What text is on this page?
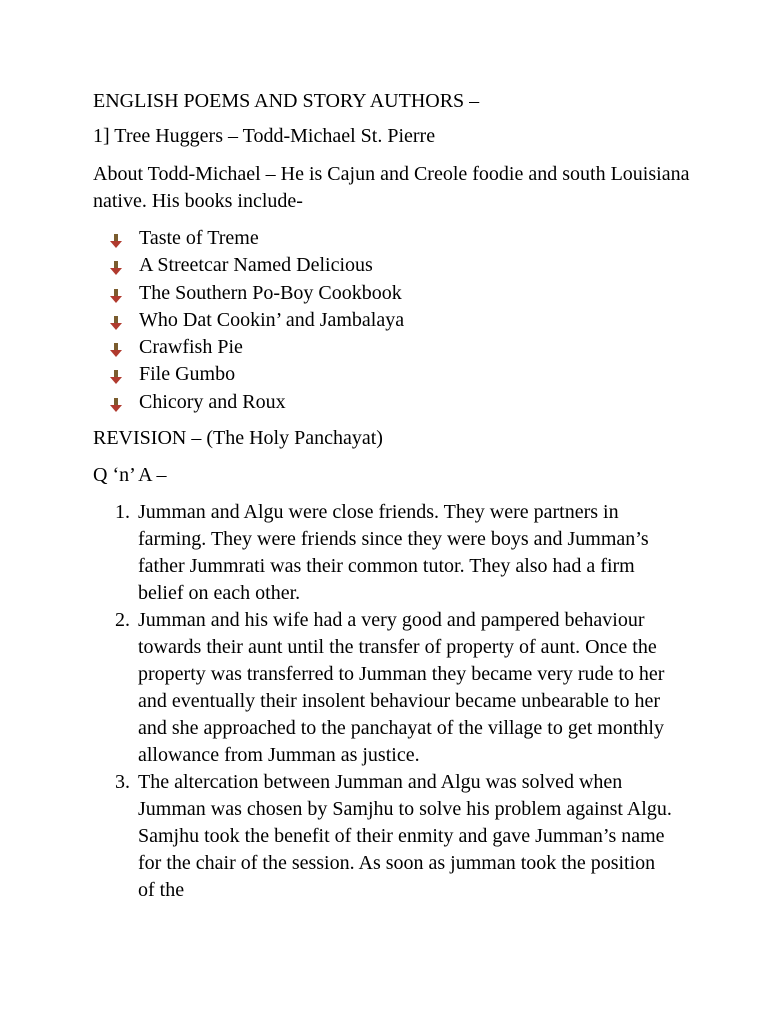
ENGLISH POEMS AND STORY AUTHORS –

1] Tree Huggers – Todd-Michael St. Pierre

About Todd-Michael – He is Cajun and Creole foodie and south Louisiana native. His books include-

Taste of Treme
A Streetcar Named Delicious
The Southern Po-Boy Cookbook
Who Dat Cookin’ and Jambalaya
Crawfish Pie
File Gumbo
Chicory and Roux

REVISION – (The Holy Panchayat)

Q ‘n’ A –

1. Jumman and Algu were close friends. They were partners in farming. They were friends since they were boys and Jumman’s father Jummrati was their common tutor. They also had a firm belief on each other.
2. Jumman and his wife had a very good and pampered behaviour towards their aunt until the transfer of property of aunt. Once the property was transferred to Jumman they became very rude to her and eventually their insolent behaviour became unbearable to her and she approached to the panchayat of the village to get monthly allowance from Jumman as justice.
3. The altercation between Jumman and Algu was solved when Jumman was chosen by Samjhu to solve his problem against Algu. Samjhu took the benefit of their enmity and gave Jumman’s name for the chair of the session. As soon as jumman took the position of the
